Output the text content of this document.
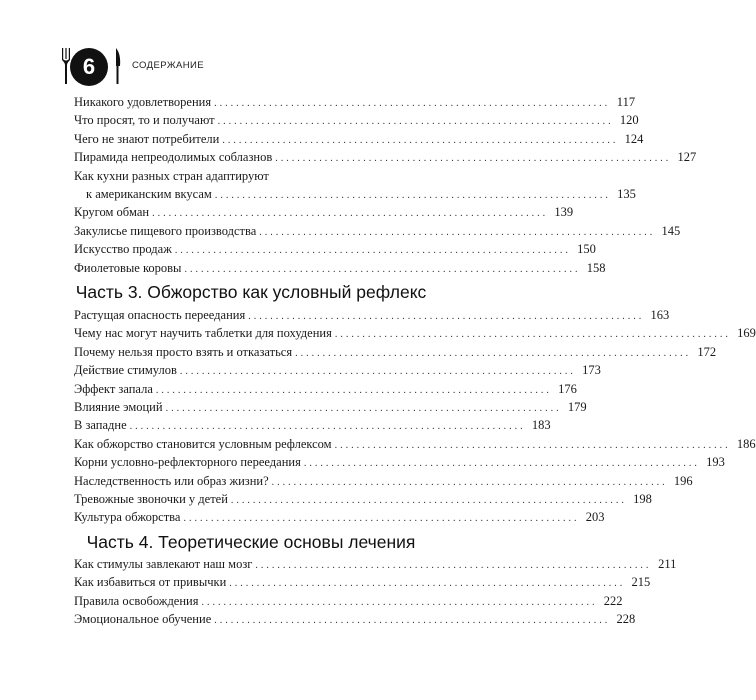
6	СОДЕРЖАНИЕ
Никакого удовлетворения ........................................................................ 117
Что просят, то и получают ........................................................................ 120
Чего не знают потребители ........................................................................ 124
Пирамида непреодолимых соблазнов ........................................................................ 127
Как кухни разных стран адаптируют
к американским вкусам ........................................................................ 135
Кругом обман ........................................................................ 139
Закулисье пищевого производства ........................................................................ 145
Искусство продаж ........................................................................ 150
Фиолетовые коровы ........................................................................ 158
Часть 3. Обжорство как условный рефлекс
Растущая опасность переедания ........................................................................ 163
Чему нас могут научить таблетки для похудения ........................................................................ 169
Почему нельзя просто взять и отказаться ........................................................................ 172
Действие стимулов ........................................................................ 173
Эффект запала ........................................................................ 176
Влияние эмоций ........................................................................ 179
В западне ........................................................................ 183
Как обжорство становится условным рефлексом ........................................................................ 186
Корни условно-рефлекторного переедания ........................................................................ 193
Наследственность или образ жизни? ........................................................................ 196
Тревожные звоночки у детей ........................................................................ 198
Культура обжорства ........................................................................ 203
Часть 4. Теоретические основы лечения
Как стимулы завлекают наш мозг ........................................................................ 211
Как избавиться от привычки ........................................................................ 215
Правила освобождения ........................................................................ 222
Эмоциональное обучение ........................................................................ 228
